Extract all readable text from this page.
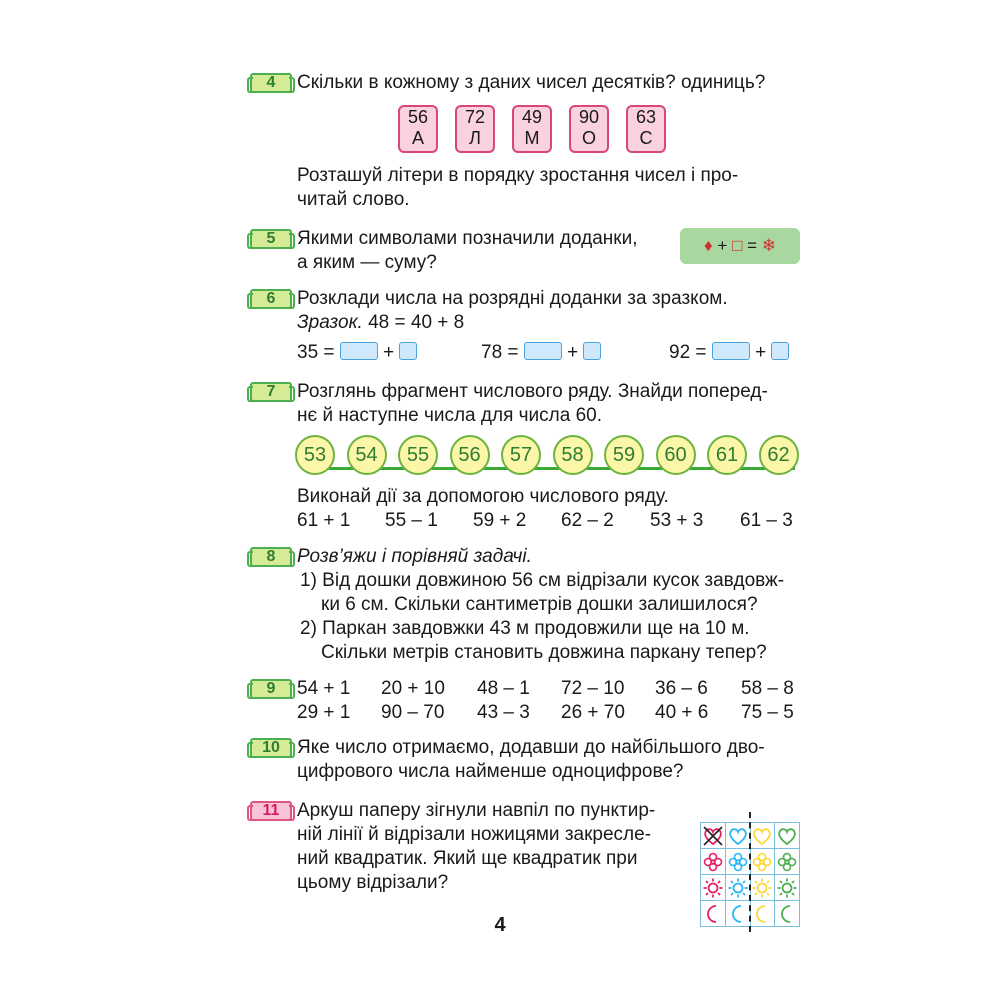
4	Скільки в кожному з даних чисел десятків? одиниць?
56
А
72
Л
49
М
90
О
63
С
Розташуй літери в порядку зростання чисел і про-
читай слово.
5	Якими символами позначили доданки,
а яким — суму?
♦ + □ = ❄
6	Розклади числа на розрядні доданки за зразком.
Зразок. 48 = 40 + 8
35 =	+	78 =	+	92 =	+
7	Розглянь фрагмент числового ряду. Знайди поперед-
нє й наступне числа для числа 60.
53	54	55	56	57	58	59	60	61	62
Виконай дії за допомогою числового ряду.
61 + 1 55 – 1 59 + 2 62 – 2 53 + 3 61 – 3
8	Розв’яжи і порівняй задачі.
1) Від дошки довжиною 56 см відрізали кусок завдовж-
ки 6 см. Скільки сантиметрів дошки залишилося?
2) Паркан завдовжки 43 м продовжили ще на 10 м.
Скільки метрів становить довжина паркану тепер?
9	54 + 1 20 + 10 48 – 1 72 – 10 36 – 6 58 – 8
29 + 1 90 – 70 43 – 3 26 + 70 40 + 6 75 – 5
10 Яке число отримаємо, додавши до найбільшого дво-
цифрового числа найменше одноцифрове?
11 Аркуш паперу зігнули навпіл по пунктир-
ній лінії й відрізали ножицями закресле-
ний квадратик. Який ще квадратик при
цьому відрізали?

4
